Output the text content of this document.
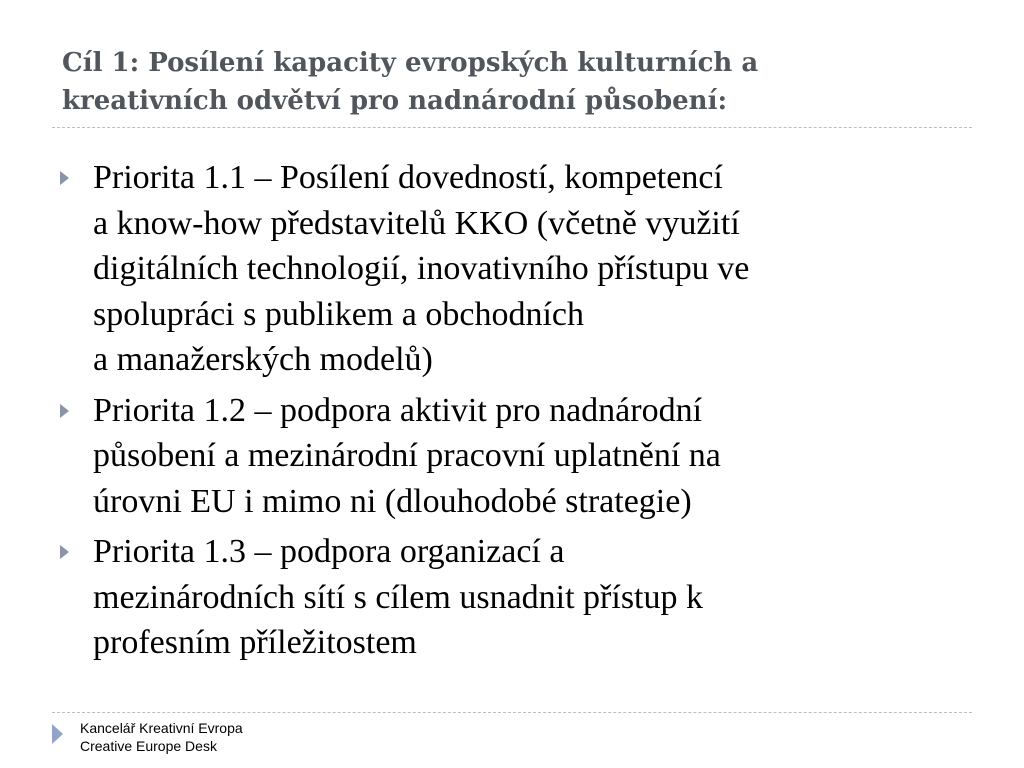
Cíl 1: Posílení kapacity evropských kulturních a
kreativních odvětví pro nadnárodní působení:
Priorita 1.1 – Posílení dovedností, kompetencí
a know-how představitelů KKO (včetně využití
digitálních technologií, inovativního přístupu ve
spolupráci s publikem a obchodních
a manažerských modelů)
Priorita 1.2 – podpora aktivit pro nadnárodní
působení a mezinárodní pracovní uplatnění na
úrovni EU i mimo ni (dlouhodobé strategie)
Priorita 1.3 – podpora organizací a
mezinárodních sítí s cílem usnadnit přístup k
profesním příležitostem
Kancelář Kreativní Evropa
Creative Europe Desk
